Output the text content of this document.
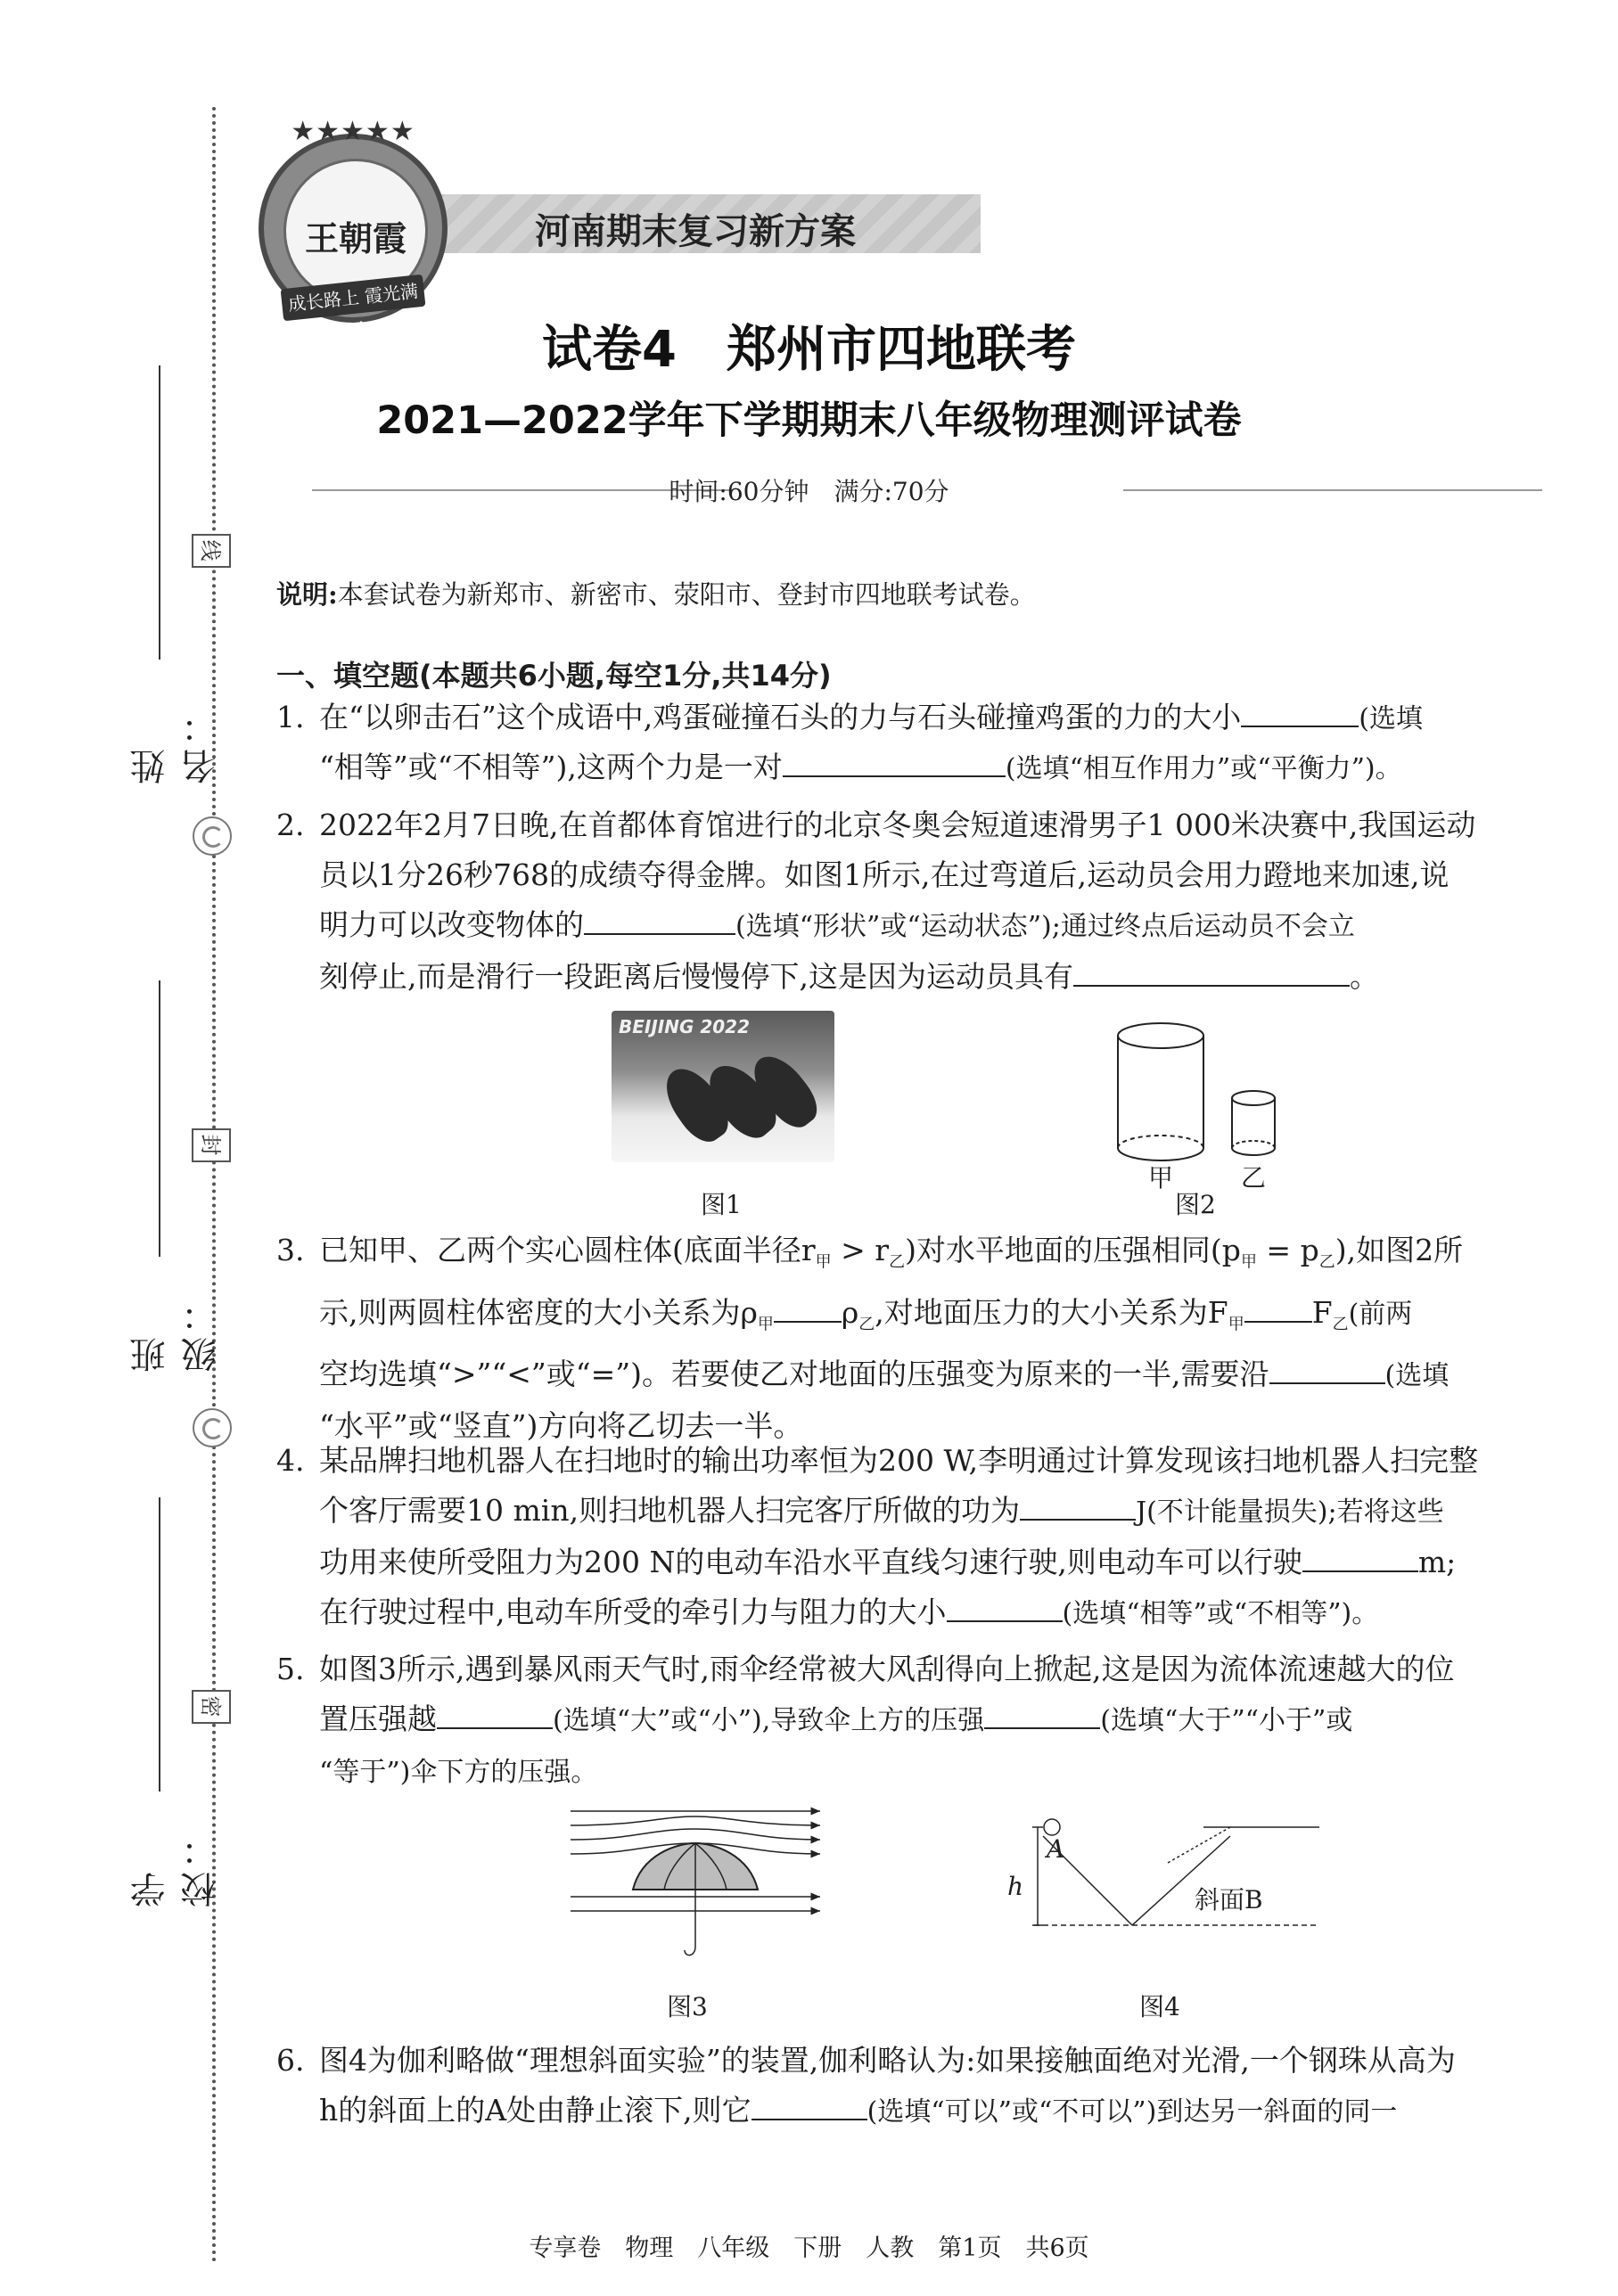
姓名：
班级：
学校：
线
封
密
河南期末复习新方案
★★★★★
王朝霞
成长路上 霞光满天	试卷4　郑州市四地联考
2021—2022学年下学期期末八年级物理测评试卷
时间:60分钟　满分:70分
说明:本套试卷为新郑市、新密市、荥阳市、登封市四地联考试卷。
一、填空题(本题共6小题,每空1分,共14分)
1. 在“以卵击石”这个成语中,鸡蛋碰撞石头的力与石头碰撞鸡蛋的力的大小	(选填
“相等”或“不相等”),这两个力是一对	(选填“相互作用力”或“平衡力”)。
2. 2022年2月7日晚,在首都体育馆进行的北京冬奥会短道速滑男子1 000米决赛中,我国运动
员以1分26秒768的成绩夺得金牌。如图1所示,在过弯道后,运动员会用力蹬地来加速,说
明力可以改变物体的	(选填“形状”或“运动状态”);通过终点后运动员不会立
刻停止,而是滑行一段距离后慢慢停下,这是因为运动员具有	。
BEIJING 2022
图1
甲	乙
图2
3. 已知甲、乙两个实心圆柱体(底面半径$r_甲 > r_乙$)对水平地面的压强相同$(p_甲 = p_乙)$,如图2所
示,则两圆柱体密度的大小关系为$\rho_甲$ $\rho_乙$,对地面压力的大小关系为$F_甲$ $F_乙$(前两
空均选填“>”“<”或“=”)。若要使乙对地面的压强变为原来的一半,需要沿	(选填
“水平”或“竖直”)方向将乙切去一半。
4. 某品牌扫地机器人在扫地时的输出功率恒为200 W,李明通过计算发现该扫地机器人扫完整
个客厅需要10 min,则扫地机器人扫完客厅所做的功为	J(不计能量损失);若将这些
功用来使所受阻力为200 N的电动车沿水平直线匀速行驶,则电动车可以行驶	m;
在行驶过程中,电动车所受的牵引力与阻力的大小	(选填“相等”或“不相等”)。
5. 如图3所示,遇到暴风雨天气时,雨伞经常被大风刮得向上掀起,这是因为流体流速越大的位
置压强越	(选填“大”或“小”),导致伞上方的压强	(选填“大于”“小于”或
“等于”)伞下方的压强。
图3
A
h	斜面B
图4
6. 图4为伽利略做“理想斜面实验”的装置,伽利略认为:如果接触面绝对光滑,一个钢珠从高为
h的斜面上的A处由静止滚下,则它	(选填“可以”或“不可以”)到达另一斜面的同一
专享卷　物理　八年级　下册　人教　第1页　共6页
